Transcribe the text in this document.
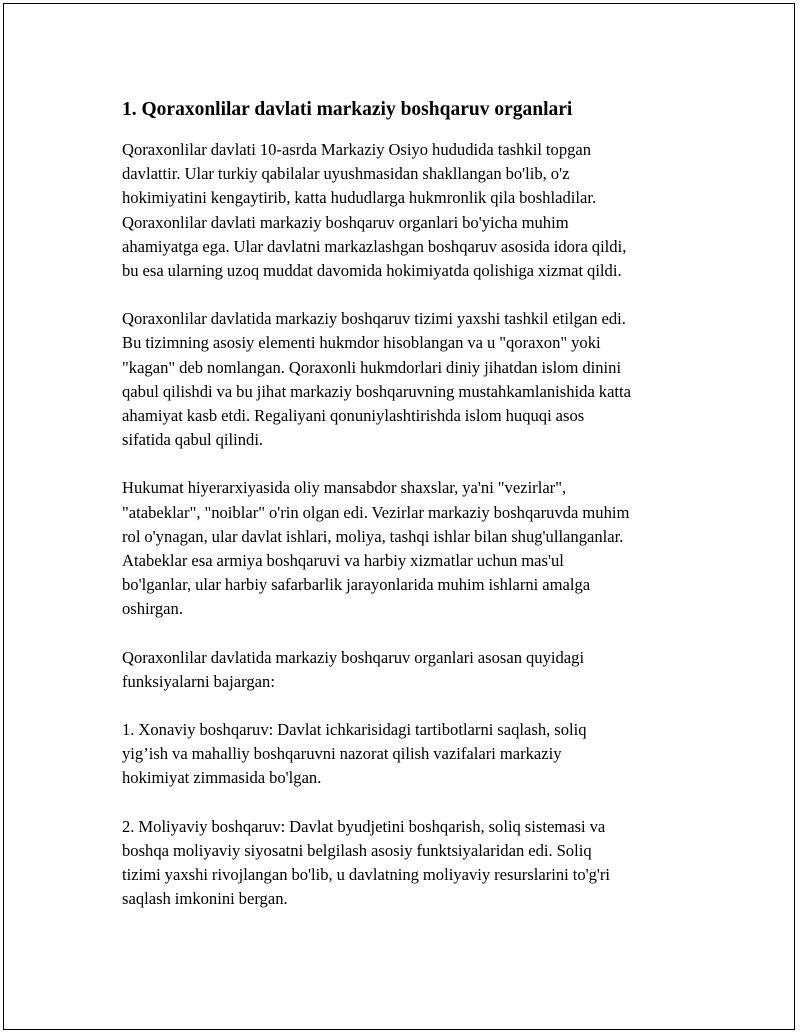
1. Qoraxonlilar davlati markaziy boshqaruv organlari
Qoraxonlilar davlati 10-asrda Markaziy Osiyo hududida tashkil topgan
davlattir. Ular turkiy qabilalar uyushmasidan shakllangan bo'lib, o'z
hokimiyatini kengaytirib, katta hududlarga hukmronlik qila boshladilar.
Qoraxonlilar davlati markaziy boshqaruv organlari bo'yicha muhim
ahamiyatga ega. Ular davlatni markazlashgan boshqaruv asosida idora qildi,
bu esa ularning uzoq muddat davomida hokimiyatda qolishiga xizmat qildi.
Qoraxonlilar davlatida markaziy boshqaruv tizimi yaxshi tashkil etilgan edi.
Bu tizimning asosiy elementi hukmdor hisoblangan va u "qoraxon" yoki
"kagan" deb nomlangan. Qoraxonli hukmdorlari diniy jihatdan islom dinini
qabul qilishdi va bu jihat markaziy boshqaruvning mustahkamlanishida katta
ahamiyat kasb etdi. Regaliyani qonuniylashtirishda islom huquqi asos
sifatida qabul qilindi.
Hukumat hiyerarxiyasida oliy mansabdor shaxslar, ya'ni "vezirlar",
"atabeklar", "noiblar" o'rin olgan edi. Vezirlar markaziy boshqaruvda muhim
rol o'ynagan, ular davlat ishlari, moliya, tashqi ishlar bilan shug'ullanganlar.
Atabeklar esa armiya boshqaruvi va harbiy xizmatlar uchun mas'ul
bo'lganlar, ular harbiy safarbarlik jarayonlarida muhim ishlarni amalga
oshirgan.
Qoraxonlilar davlatida markaziy boshqaruv organlari asosan quyidagi
funksiyalarni bajargan:
1. Xonaviy boshqaruv: Davlat ichkarisidagi tartibotlarni saqlash, soliq
yig’ish va mahalliy boshqaruvni nazorat qilish vazifalari markaziy
hokimiyat zimmasida bo'lgan.
2. Moliyaviy boshqaruv: Davlat byudjetini boshqarish, soliq sistemasi va
boshqa moliyaviy siyosatni belgilash asosiy funktsiyalaridan edi. Soliq
tizimi yaxshi rivojlangan bo'lib, u davlatning moliyaviy resurslarini to'g'ri
saqlash imkonini bergan.
